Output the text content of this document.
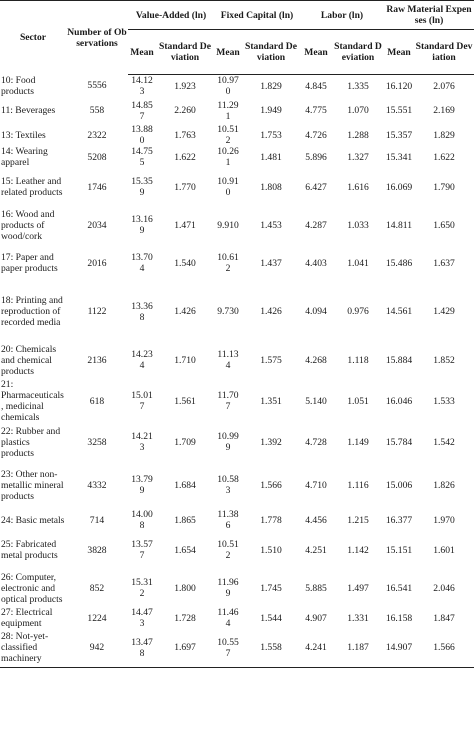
Sector	Number of Observations	Value-Added (ln)		Fixed Capital (ln)		Labor (ln)		Raw Material Expenses (ln)	
		Mean	Standard Deviation	Mean	Standard Deviation	Mean	Standard Deviation	Mean	Standard Deviation
10: Food products	5556	14.123	1.923	10.970	1.829	4.845	1.335	16.120	2.076
11: Beverages	558	14.857	2.260	11.291	1.949	4.775	1.070	15.551	2.169
13: Textiles	2322	13.880	1.763	10.512	1.753	4.726	1.288	15.357	1.829
14: Wearing apparel	5208	14.755	1.622	10.261	1.481	5.896	1.327	15.341	1.622
15: Leather and related products	1746	15.359	1.770	10.910	1.808	6.427	1.616	16.069	1.790
16: Wood and products of wood/cork	2034	13.169	1.471	9.910	1.453	4.287	1.033	14.811	1.650
17: Paper and paper products	2016	13.704	1.540	10.612	1.437	4.403	1.041	15.486	1.637
18: Printing and reproduction of recorded media	1122	13.368	1.426	9.730	1.426	4.094	0.976	14.561	1.429
20: Chemicals and chemical products	2136	14.234	1.710	11.134	1.575	4.268	1.118	15.884	1.852
21: Pharmaceuticals, medicinal chemicals	618	15.017	1.561	11.707	1.351	5.140	1.051	16.046	1.533
22: Rubber and plastics products	3258	14.213	1.709	10.999	1.392	4.728	1.149	15.784	1.542
23: Other non-metallic mineral products	4332	13.799	1.684	10.583	1.566	4.710	1.116	15.006	1.826
24: Basic metals	714	14.008	1.865	11.386	1.778	4.456	1.215	16.377	1.970
25: Fabricated metal products	3828	13.577	1.654	10.512	1.510	4.251	1.142	15.151	1.601
26: Computer, electronic and optical products	852	15.312	1.800	11.969	1.745	5.885	1.497	16.541	2.046
27: Electrical equipment	1224	14.473	1.728	11.464	1.544	4.907	1.331	16.158	1.847
28: Not-yet-classified machinery	942	13.478	1.697	10.557	1.558	4.241	1.187	14.907	1.566
